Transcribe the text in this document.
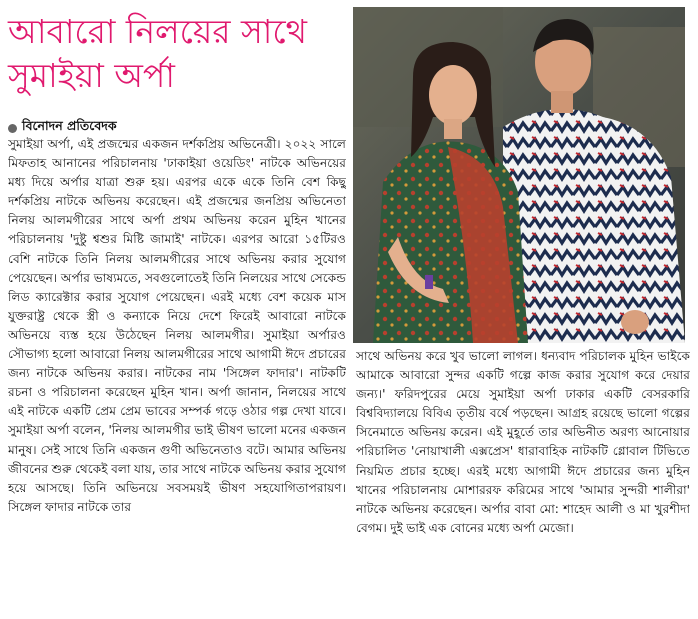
আবারো নিলয়ের সাথে সুমাইয়া অর্পা
বিনোদন প্রতিবেদক

সুমাইয়া অর্পা, এই প্রজন্মের একজন দর্শকপ্রিয় অভিনেত্রী। ২০২২ সালে মিফতাহ আনানের পরিচালনায় 'ঢাকাইয়া ওয়েডিং' নাটকে অভিনয়ের মধ্য দিয়ে অর্পার যাত্রা শুরু হয়। এরপর একে একে তিনি বেশ কিছু দর্শকপ্রিয় নাটকে অভিনয় করেছেন। এই প্রজন্মের জনপ্রিয় অভিনেতা নিলয় আলমগীরের সাথে অর্পা প্রথম অভিনয় করেন মুহিন খানের পরিচালনায় 'দুষ্টু শ্বশুর মিষ্টি জামাই' নাটকে। এরপর আরো ১৫টিরও বেশি নাটকে তিনি নিলয় আলমগীরের সাথে অভিনয় করার সুযোগ পেয়েছেন। অর্পার ভাষ্যমতে, সবগুলোতেই তিনি নিলয়ের সাথে সেকেন্ড লিড ক্যারেক্টার করার সুযোগ পেয়েছেন। এরই মধ্যে বেশ কয়েক মাস যুক্তরাষ্ট্র থেকে স্ত্রী ও কন্যাকে নিয়ে দেশে ফিরেই আবারো নাটকে অভিনয়ে ব্যস্ত হয়ে উঠেছেন নিলয় আলমগীর। সুমাইয়া অর্পারও সৌভাগ্য হলো আবারো নিলয় আলমগীরের সাথে আগামী ঈদে প্রচারের জন্য নাটকে অভিনয় করার। নাটকের নাম 'সিঙ্গেল ফাদার'। নাটকটি রচনা ও পরিচালনা করেছেন মুহিন খান। অর্পা জানান, নিলয়ের সাথে এই নাটকে একটি প্রেম প্রেম ভাবের সম্পর্ক গড়ে ওঠার গল্প দেখা যাবে। সুমাইয়া অর্পা বলেন, 'নিলয় আলমগীর ভাই ভীষণ ভালো মনের একজন মানুষ। সেই সাথে তিনি একজন গুণী অভিনেতাও বটে। আমার অভিনয় জীবনের শুরু থেকেই বলা যায়, তার সাথে নাটকে অভিনয় করার সুযোগ হয়ে আসছে। তিনি অভিনয়ে সবসময়ই ভীষণ সহযোগিতাপরায়ণ। সিঙ্গেল ফাদার নাটকে তার

সাথে অভিনয় করে খুব ভালো লাগল। ধন্যবাদ পরিচালক মুহিন ভাইকে আমাকে আবারো সুন্দর একটি গল্পে কাজ করার সুযোগ করে দেয়ার জন্য।' ফরিদপুরের মেয়ে সুমাইয়া অর্পা ঢাকার একটি বেসরকারি বিশ্ববিদ্যালয়ে বিবিএ তৃতীয় বর্ষে পড়ছেন। আগ্রহ রয়েছে ভালো গল্পের সিনেমাতে অভিনয় করেন। এই মুহূর্তে তার অভিনীত অরণ্য আনোয়ার পরিচালিত 'নোয়াখালী এক্সপ্রেস' ধারাবাহিক নাটকটি গ্লোবাল টিভিতে নিয়মিত প্রচার হচ্ছে। এরই মধ্যে আগামী ঈদে প্রচারের জন্য মুহিন খানের পরিচালনায় মোশাররফ করিমের সাথে 'আমার সুন্দরী শালীরা' নাটকে অভিনয় করেছেন। অর্পার বাবা মো: শাহেদ আলী ও মা খুরশীদা বেগম। দুই ভাই এক বোনের মধ্যে অর্পা মেজো।
